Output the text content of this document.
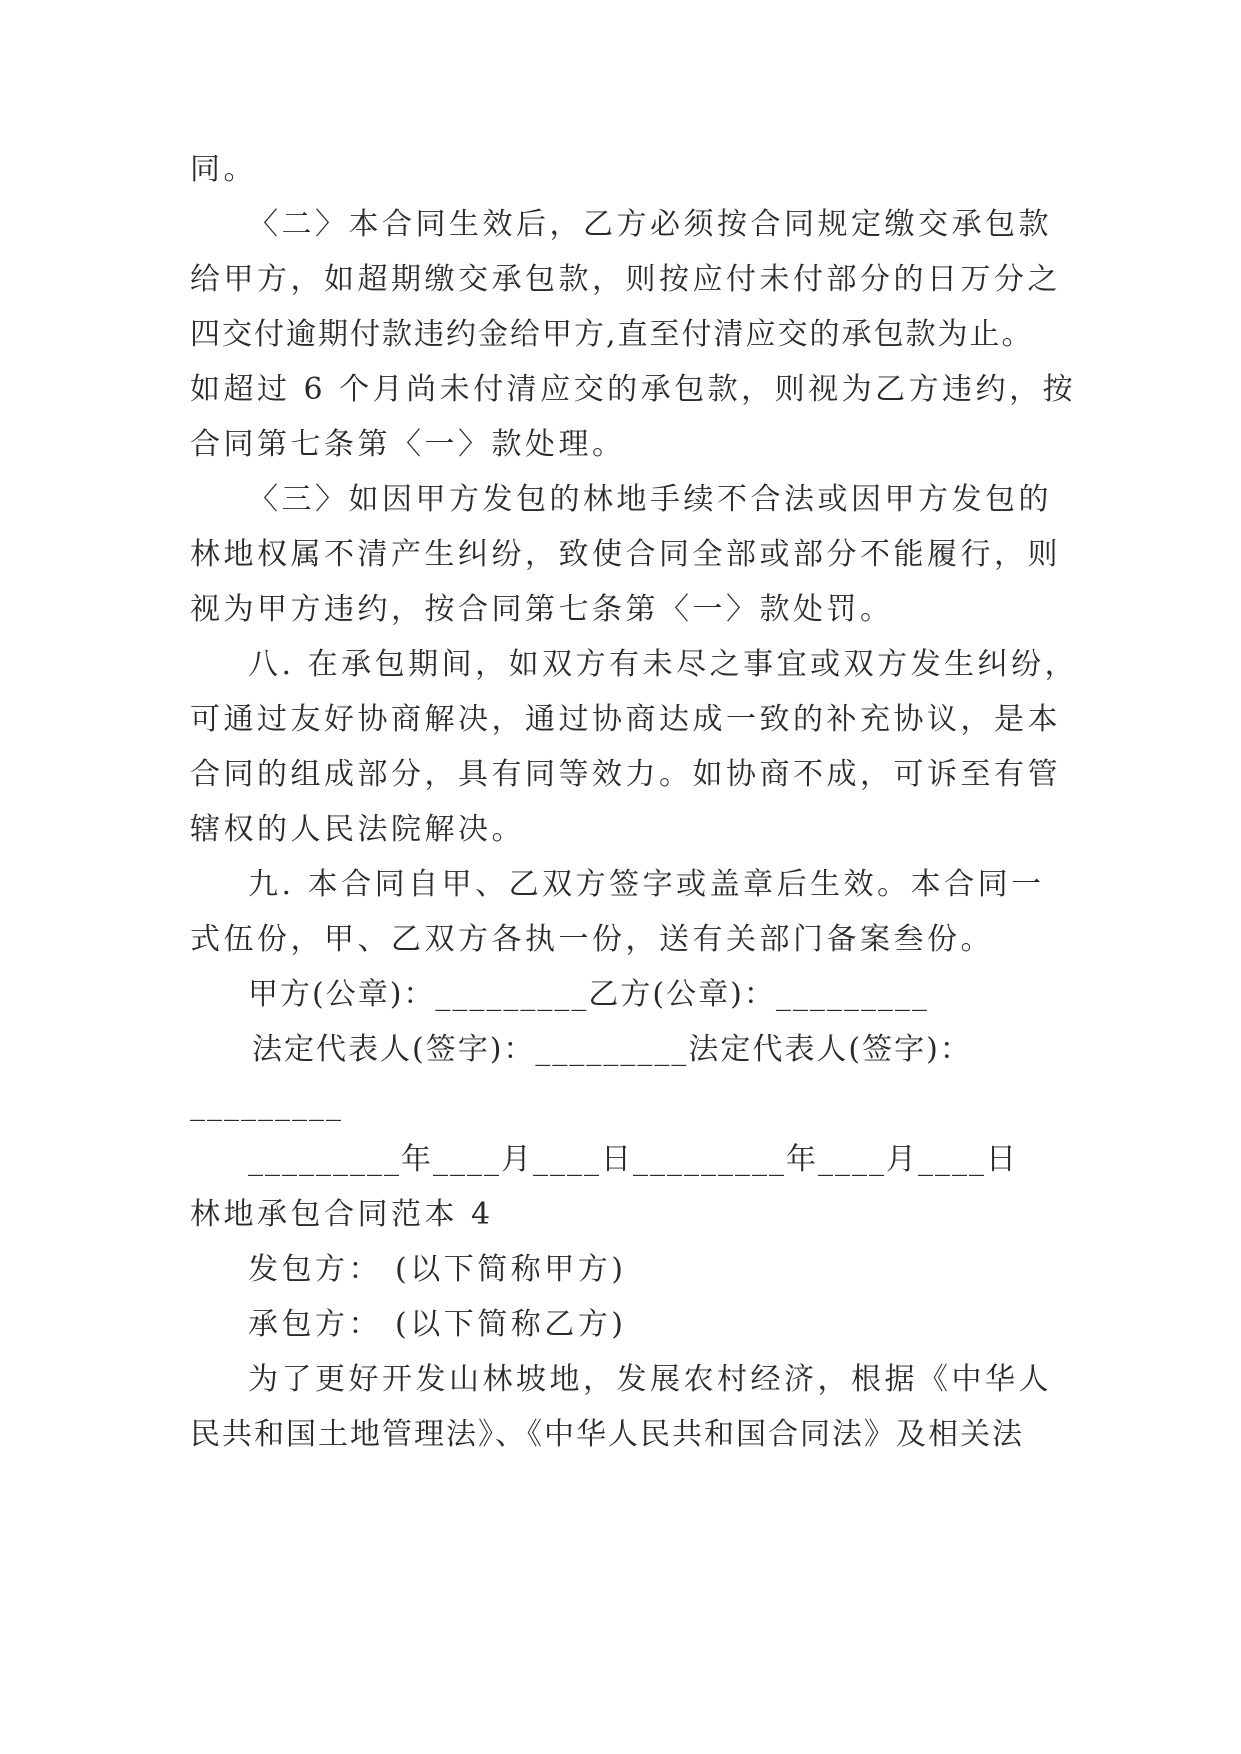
同。
〈二〉本合同生效后，乙方必须按合同规定缴交承包款
给甲方，如超期缴交承包款，则按应付未付部分的日万分之
四交付逾期付款违约金给甲方,直至付清应交的承包款为止。
如超过 6 个月尚未付清应交的承包款，则视为乙方违约，按
合同第七条第〈一〉款处理。
〈三〉如因甲方发包的林地手续不合法或因甲方发包的
林地权属不清产生纠纷，致使合同全部或部分不能履行，则
视为甲方违约，按合同第七条第〈一〉款处罚。
八. 在承包期间，如双方有未尽之事宜或双方发生纠纷，
可通过友好协商解决，通过协商达成一致的补充协议，是本
合同的组成部分，具有同等效力。如协商不成，可诉至有管
辖权的人民法院解决。
九. 本合同自甲、乙双方签字或盖章后生效。本合同一
式伍份，甲、乙双方各执一份，送有关部门备案叁份。
甲方(公章)：_________乙方(公章)：_________
法定代表人(签字)：_________法定代表人(签字)：
_________
_________年____月____日_________年____月____日
林地承包合同范本 4
发包方： (以下简称甲方)
承包方： (以下简称乙方)
为了更好开发山林坡地，发展农村经济，根据《中华人
民共和国土地管理法》、《中华人民共和国合同法》及相关法
